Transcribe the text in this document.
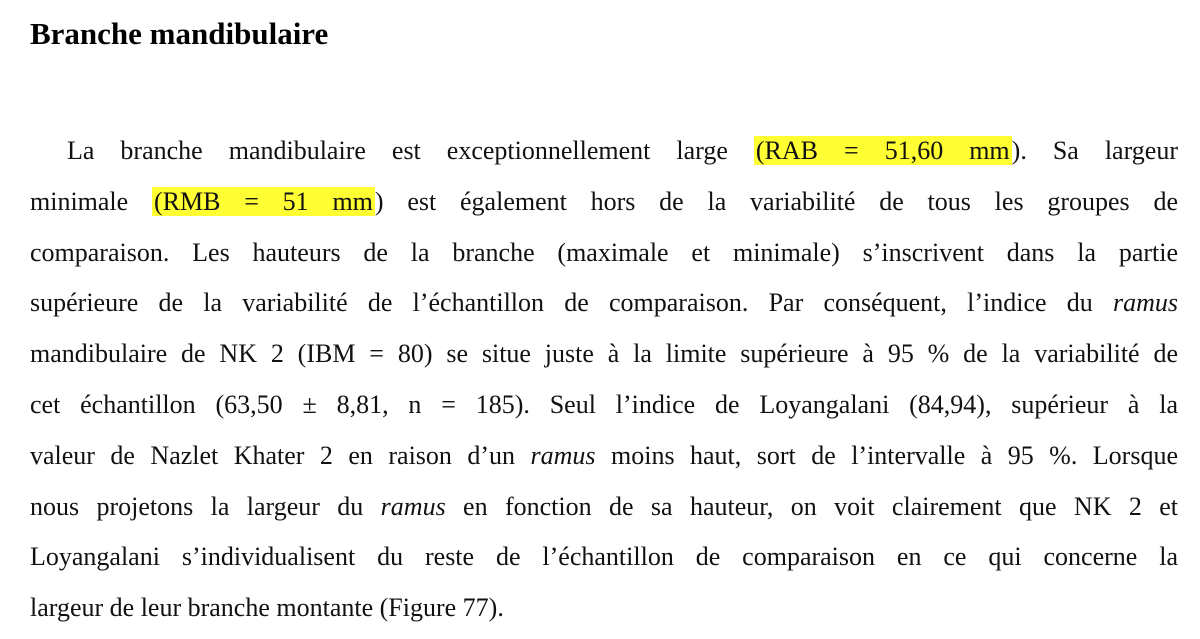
Branche mandibulaire
La branche mandibulaire est exceptionnellement large (RAB = 51,60 mm). Sa largeur
minimale (RMB = 51 mm) est également hors de la variabilité de tous les groupes de
comparaison. Les hauteurs de la branche (maximale et minimale) s’inscrivent dans la partie
supérieure de la variabilité de l’échantillon de comparaison. Par conséquent, l’indice du ramus
mandibulaire de NK 2 (IBM = 80) se situe juste à la limite supérieure à 95 % de la variabilité de
cet échantillon (63,50 ± 8,81, n = 185). Seul l’indice de Loyangalani (84,94), supérieur à la
valeur de Nazlet Khater 2 en raison d’un ramus moins haut, sort de l’intervalle à 95 %. Lorsque
nous projetons la largeur du ramus en fonction de sa hauteur, on voit clairement que NK 2 et
Loyangalani s’individualisent du reste de l’échantillon de comparaison en ce qui concerne la
largeur de leur branche montante (Figure 77).
